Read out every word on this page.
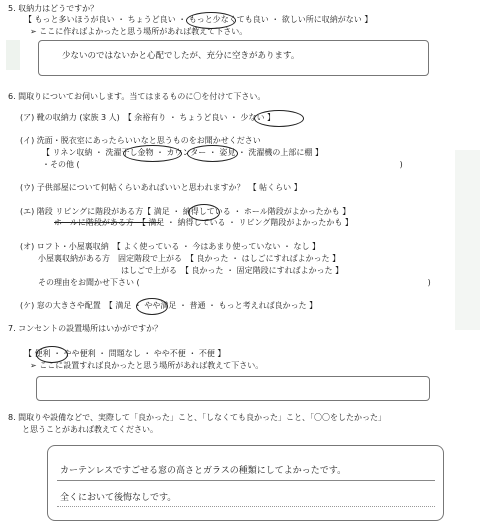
5. 収納力はどうですか？
【 もっと多いほうが良い ・ ちょうど良い ・ もっと少なくても良い ・ 欲しい所に収納がない 】
➢ ここに作ればよかったと思う場所があれば教えて下さい。
少ないのではないかと心配でしたが、充分に空きがあります。
6. 間取りについてお伺いします。当てはまるものに〇を付けて下さい。
(ア) 靴の収納力 (家族 3 人)　【 余裕有り ・ ちょうど良い ・ 少ない 】
(イ) 洗面・脱衣室にあったらいいなと思うものをお聞かせください
【 リネン収納 ・ 洗濯干し金物 ・ カウンター ・ 姿見 ・ 洗濯機の上部に棚 】
・その他 (	)
(ウ) 子供部屋について何帖くらいあればいいと思われますか？　【 帖くらい 】
(エ) 階段 リビングに階段がある方【 満足 ・ 納得している ・ ホール階段がよかったかも 】
ホールに階段がある方　【 満足 ・ 納得している ・ リビング階段がよかったかも 】
(オ) ロフト・小屋裏収納　【 よく使っている ・ 今はあまり使っていない ・ なし 】
小屋裏収納がある方　固定階段で上がる　【 良かった ・ はしごにすればよかった 】
はしごで上がる　【 良かった ・ 固定階段にすればよかった 】
その理由をお聞かせ下さい (	)
(ケ) 窓の大きさや配置　【 満足 ・ やや満足 ・ 普通 ・ もっと考えれば良かった 】
7. コンセントの設置場所はいかがですか？
【 便利 ・ やや便利 ・ 問題なし ・ やや不便 ・ 不便 】
➢ ここに設置すれば良かったと思う場所があれば教えて下さい。
8. 間取りや設備などで、実際して「良かった」こと、「しなくても良かった」こと、「〇〇をしたかった」
と思うことがあれば教えてください。
カーテンレスですごせる窓の高さとガラスの種類にしてよかったです。
全くにおいて後悔なしです。
